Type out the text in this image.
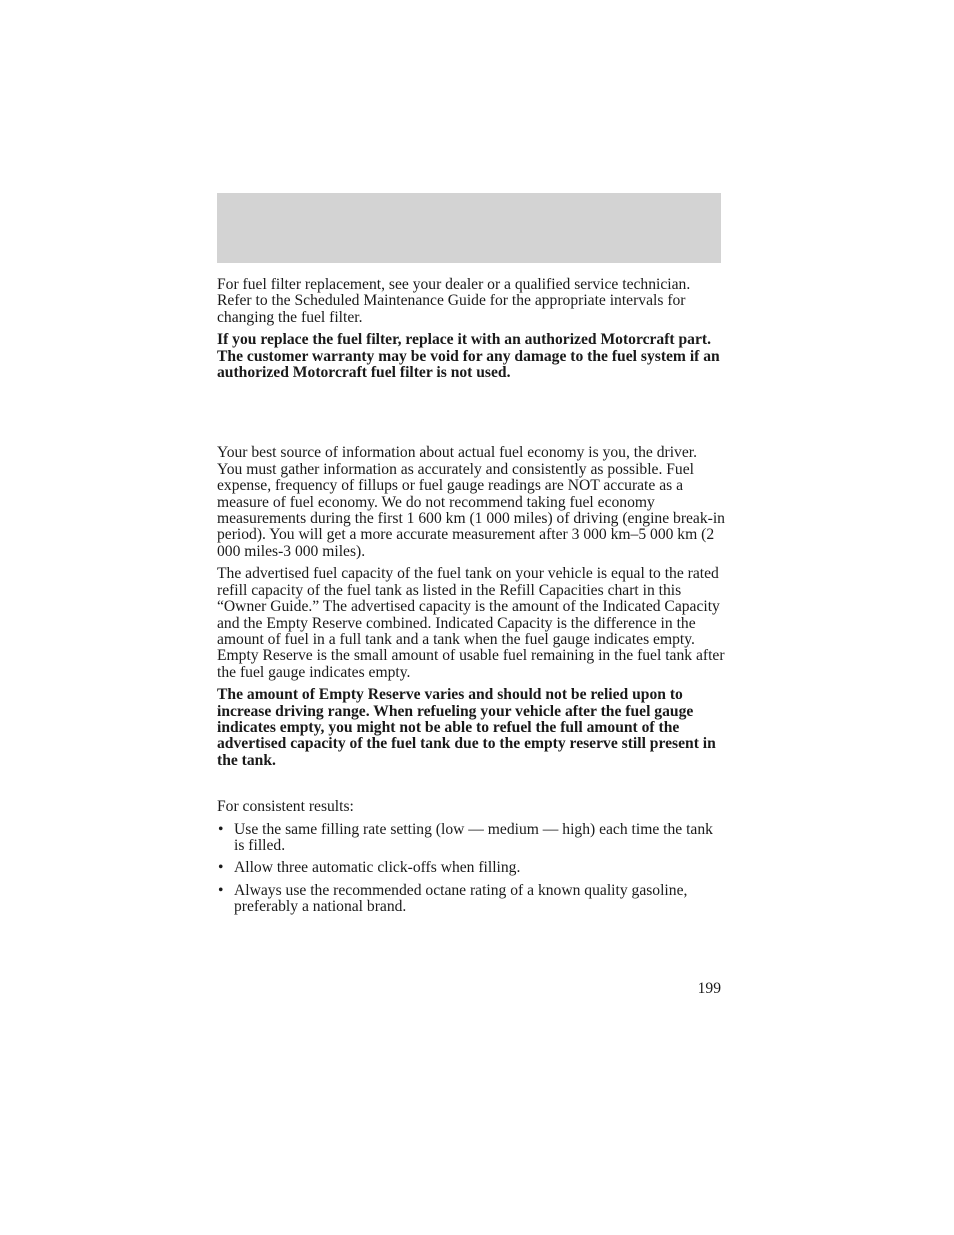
For fuel filter replacement, see your dealer or a qualified service technician. Refer to the Scheduled Maintenance Guide for the appropriate intervals for changing the fuel filter.

If you replace the fuel filter, replace it with an authorized Motorcraft part. The customer warranty may be void for any damage to the fuel system if an authorized Motorcraft fuel filter is not used.

Your best source of information about actual fuel economy is you, the driver. You must gather information as accurately and consistently as possible. Fuel expense, frequency of fillups or fuel gauge readings are NOT accurate as a measure of fuel economy. We do not recommend taking fuel economy measurements during the first 1 600 km (1 000 miles) of driving (engine break-in period). You will get a more accurate measurement after 3 000 km–5 000 km (2 000 miles-3 000 miles).

The advertised fuel capacity of the fuel tank on your vehicle is equal to the rated refill capacity of the fuel tank as listed in the Refill Capacities chart in this “Owner Guide.” The advertised capacity is the amount of the Indicated Capacity and the Empty Reserve combined. Indicated Capacity is the difference in the amount of fuel in a full tank and a tank when the fuel gauge indicates empty. Empty Reserve is the small amount of usable fuel remaining in the fuel tank after the fuel gauge indicates empty.

The amount of Empty Reserve varies and should not be relied upon to increase driving range. When refueling your vehicle after the fuel gauge indicates empty, you might not be able to refuel the full amount of the advertised capacity of the fuel tank due to the empty reserve still present in the tank.

For consistent results:

• Use the same filling rate setting (low — medium — high) each time the tank is filled.
• Allow three automatic click-offs when filling.
• Always use the recommended octane rating of a known quality gasoline, preferably a national brand.
199
